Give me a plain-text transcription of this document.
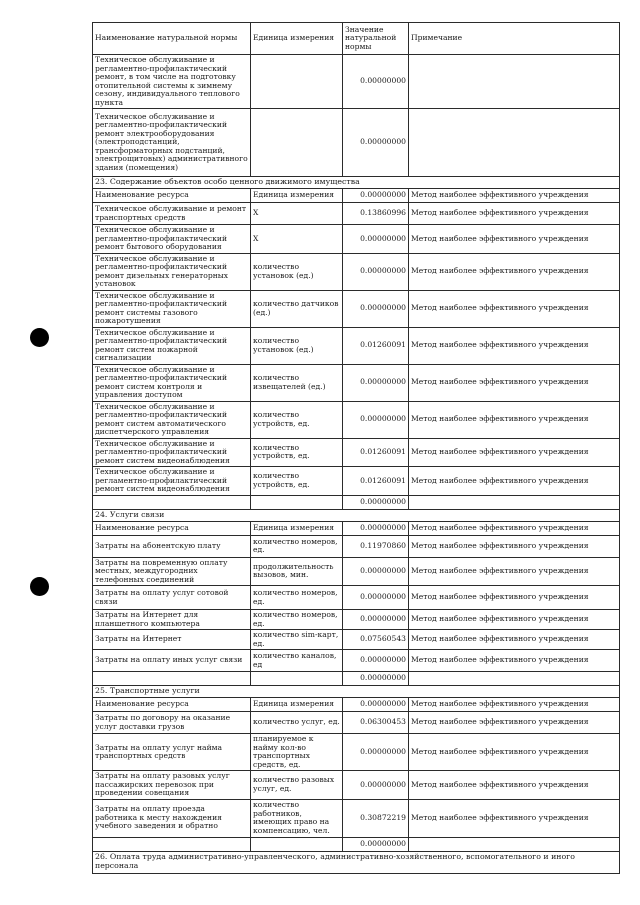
Наименование натуральной нормы	Единица измерения	Значение натуральной нормы	Примечание
Техническое обслуживание и регламентно-профилактический ремонт, в том числе на подготовку отопительной системы к зимнему сезону, индивидуального теплового пункта		0.00000000	
Техническое обслуживание и регламентно-профилактический ремонт электрооборудования (электроподстанций, трансформаторных подстанций, электрощитовых) административного здания (помещения)		0.00000000	
23. Содержание объектов особо ценного движимого имущества			
Наименование ресурса	Единица измерения	0.00000000	Метод наиболее эффективного учреждения
Техническое обслуживание и ремонт транспортных средств	Х	0.13860996	Метод наиболее эффективного учреждения
Техническое обслуживание и регламентно-профилактический ремонт бытового оборудования	Х	0.00000000	Метод наиболее эффективного учреждения
Техническое обслуживание и регламентно-профилактический ремонт дизельных генераторных установок	количество установок (ед.)	0.00000000	Метод наиболее эффективного учреждения
Техническое обслуживание и регламентно-профилактический ремонт системы газового пожаротушения	количество датчиков (ед.)	0.00000000	Метод наиболее эффективного учреждения
Техническое обслуживание и регламентно-профилактический ремонт систем пожарной сигнализации	количество установок (ед.)	0.01260091	Метод наиболее эффективного учреждения
Техническое обслуживание и регламентно-профилактический ремонт систем контроля и управления доступом	количество извещателей (ед.)	0.00000000	Метод наиболее эффективного учреждения
Техническое обслуживание и регламентно-профилактический ремонт систем автоматического диспетчерского управления	количество устройств, ед.	0.00000000	Метод наиболее эффективного учреждения
Техническое обслуживание и регламентно-профилактический ремонт систем видеонаблюдения	количество устройств, ед.	0.01260091	Метод наиболее эффективного учреждения
Техническое обслуживание и регламентно-профилактический ремонт систем видеонаблюдения	количество устройств, ед.	0.01260091	Метод наиболее эффективного учреждения
		0.00000000	
24. Услуги связи			
Наименование ресурса	Единица измерения	0.00000000	Метод наиболее эффективного учреждения
Затраты на абонентскую плату	количество номеров, ед.	0.11970860	Метод наиболее эффективного учреждения
Затраты на повременную оплату местных, междугородних телефонных соединений	продолжительность вызовов, мин.	0.00000000	Метод наиболее эффективного учреждения
Затраты на оплату услуг сотовой связи	количество номеров, ед.	0.00000000	Метод наиболее эффективного учреждения
Затраты на Интернет для планшетного компьютера	количество номеров, ед.	0.00000000	Метод наиболее эффективного учреждения
Затраты на Интернет	количество sim-карт, ед.	0.07560543	Метод наиболее эффективного учреждения
Затраты на оплату иных услуг связи	количество каналов, ед	0.00000000	Метод наиболее эффективного учреждения
		0.00000000	
25. Транспортные услуги			
Наименование ресурса	Единица измерения	0.00000000	Метод наиболее эффективного учреждения
Затраты по договору на оказание услуг доставки грузов	количество услуг, ед.	0.06300453	Метод наиболее эффективного учреждения
Затраты на оплату услуг найма транспортных средств	планируемое к найму кол-во транспортных средств, ед.	0.00000000	Метод наиболее эффективного учреждения
Затраты на оплату разовых услуг пассажирских перевозок при проведении совещания	количество разовых услуг, ед.	0.00000000	Метод наиболее эффективного учреждения
Затраты на оплату проезда работника к месту нахождения учебного заведения и обратно	количество работников, имеющих право на компенсацию, чел.	0.30872219	Метод наиболее эффективного учреждения
		0.00000000	
26. Оплата труда административно-управленческого, административно-хозяйственного, вспомогательного и иного персонала			
